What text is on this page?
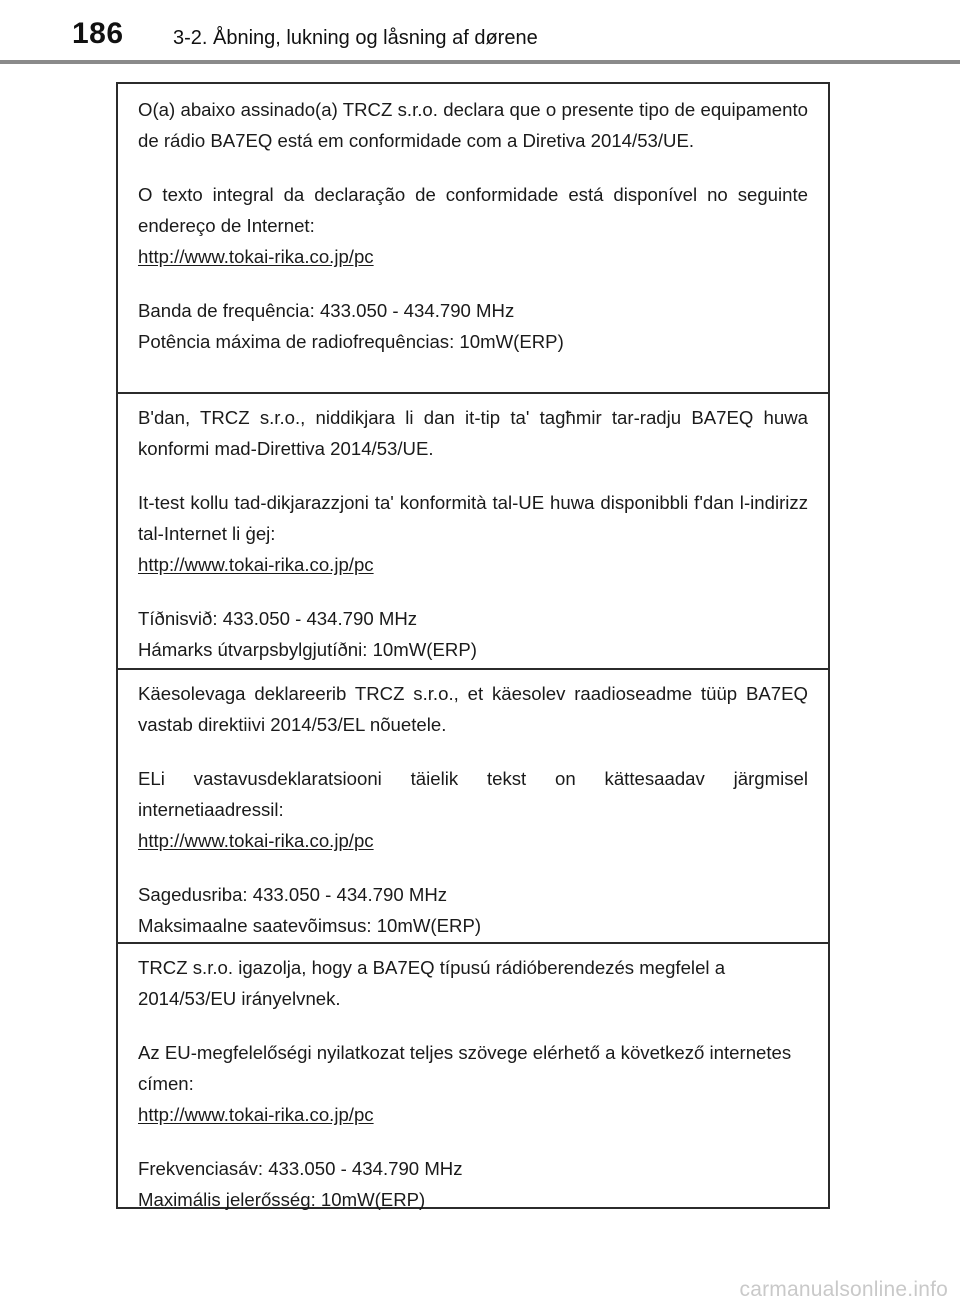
186 3-2. Åbning, lukning og låsning af dørene

O(a) abaixo assinado(a) TRCZ s.r.o. declara que o presente tipo de equipamento de rádio BA7EQ está em conformidade com a Diretiva 2014/53/UE.

O texto integral da declaração de conformidade está disponível no seguinte endereço de Internet:

http://www.tokai-rika.co.jp/pc

Banda de frequência: 433.050 - 434.790 MHz

Potência máxima de radiofrequências: 10mW(ERP)

B'dan, TRCZ s.r.o., niddikjara li dan it-tip ta' tagħmir tar-radju BA7EQ huwa konformi mad-Direttiva 2014/53/UE.

It-test kollu tad-dikjarazzjoni ta' konformità tal-UE huwa disponibbli f'dan l-indirizz tal-Internet li ġej:

http://www.tokai-rika.co.jp/pc

Tíðnisvið: 433.050 - 434.790 MHz

Hámarks útvarpsbylgjutíðni: 10mW(ERP)

Käesolevaga deklareerib TRCZ s.r.o., et käesolev raadioseadme tüüp BA7EQ vastab direktiivi 2014/53/EL nõuetele.

ELi vastavusdeklaratsiooni täielik tekst on kättesaadav järgmisel internetiaadressil:

http://www.tokai-rika.co.jp/pc

Sagedusriba: 433.050 - 434.790 MHz

Maksimaalne saatevõimsus: 10mW(ERP)

TRCZ s.r.o. igazolja, hogy a BA7EQ típusú rádióberendezés megfelel a 2014/53/EU irányelvnek.

Az EU-megfelelőségi nyilatkozat teljes szövege elérhető a következő internetes címen:

http://www.tokai-rika.co.jp/pc

Frekvenciasáv: 433.050 - 434.790 MHz

Maximális jelerősség: 10mW(ERP)

carmanualsonline.info
